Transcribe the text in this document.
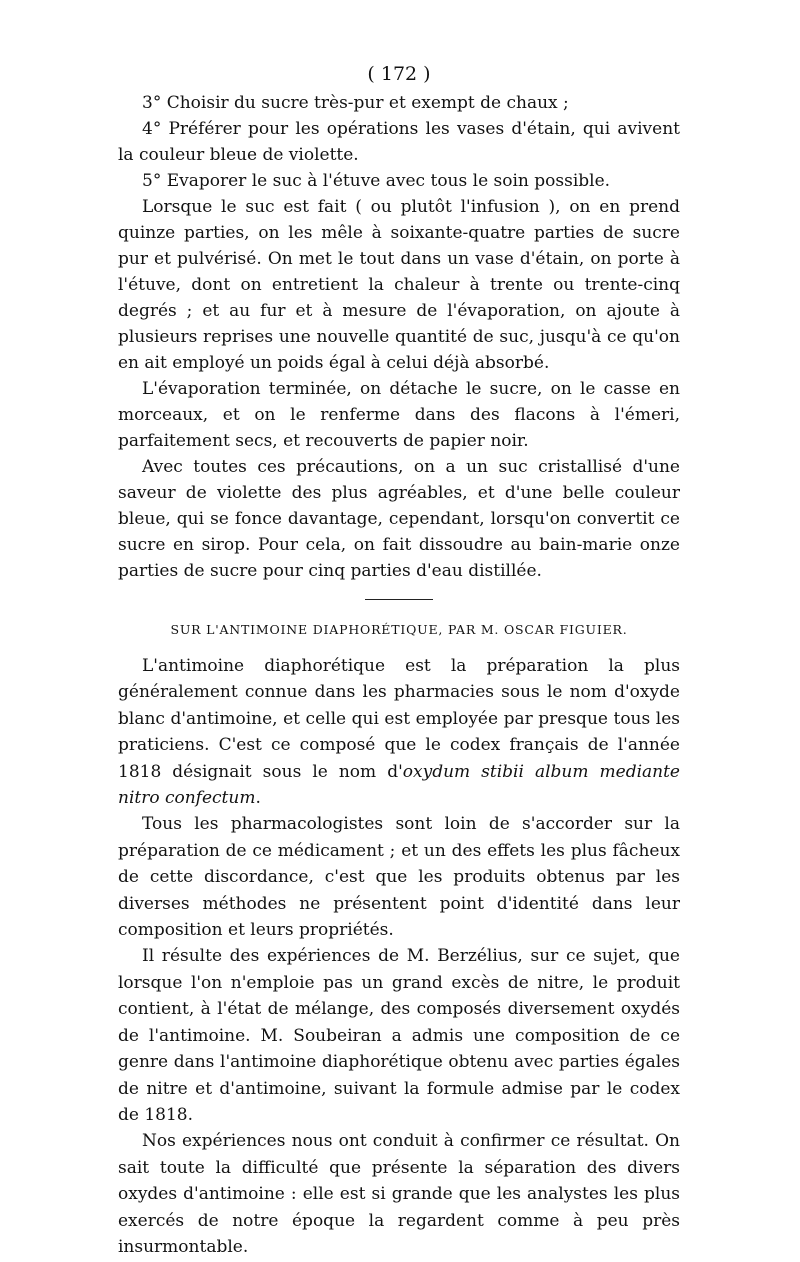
( 172 )

3° Choisir du sucre très-pur et exempt de chaux ;

4° Préférer pour les opérations les vases d'étain, qui avivent la couleur bleue de violette.

5° Evaporer le suc à l'étuve avec tous le soin possible.

Lorsque le suc est fait ( ou plutôt l'infusion ), on en prend quinze parties, on les mêle à soixante-quatre parties de sucre pur et pulvérisé. On met le tout dans un vase d'étain, on porte à l'étuve, dont on entretient la chaleur à trente ou trente-cinq degrés ; et au fur et à mesure de l'évaporation, on ajoute à plusieurs reprises une nouvelle quantité de suc, jusqu'à ce qu'on en ait employé un poids égal à celui déjà absorbé.

L'évaporation terminée, on détache le sucre, on le casse en morceaux, et on le renferme dans des flacons à l'émeri, parfaitement secs, et recouverts de papier noir.

Avec toutes ces précautions, on a un suc cristallisé d'une saveur de violette des plus agréables, et d'une belle couleur bleue, qui se fonce davantage, cependant, lorsqu'on convertit ce sucre en sirop. Pour cela, on fait dissoudre au bain-marie onze parties de sucre pour cinq parties d'eau distillée.

SUR L'ANTIMOINE DIAPHORÉTIQUE, PAR M. OSCAR FIGUIER.

L'antimoine diaphorétique est la préparation la plus généralement connue dans les pharmacies sous le nom d'oxyde blanc d'antimoine, et celle qui est employée par presque tous les praticiens. C'est ce composé que le codex français de l'année 1818 désignait sous le nom d'oxydum stibii album mediante nitro confectum.

Tous les pharmacologistes sont loin de s'accorder sur la préparation de ce médicament ; et un des effets les plus fâcheux de cette discordance, c'est que les produits obtenus par les diverses méthodes ne présentent point d'identité dans leur composition et leurs propriétés.

Il résulte des expériences de M. Berzélius, sur ce sujet, que lorsque l'on n'emploie pas un grand excès de nitre, le produit contient, à l'état de mélange, des composés diversement oxydés de l'antimoine. M. Soubeiran a admis une composition de ce genre dans l'antimoine diaphorétique obtenu avec parties égales de nitre et d'antimoine, suivant la formule admise par le codex de 1818.

Nos expériences nous ont conduit à confirmer ce résultat. On sait toute la difficulté que présente la séparation des divers oxydes d'antimoine : elle est si grande que les analystes les plus exercés de notre époque la regardent comme à peu près insurmontable.
